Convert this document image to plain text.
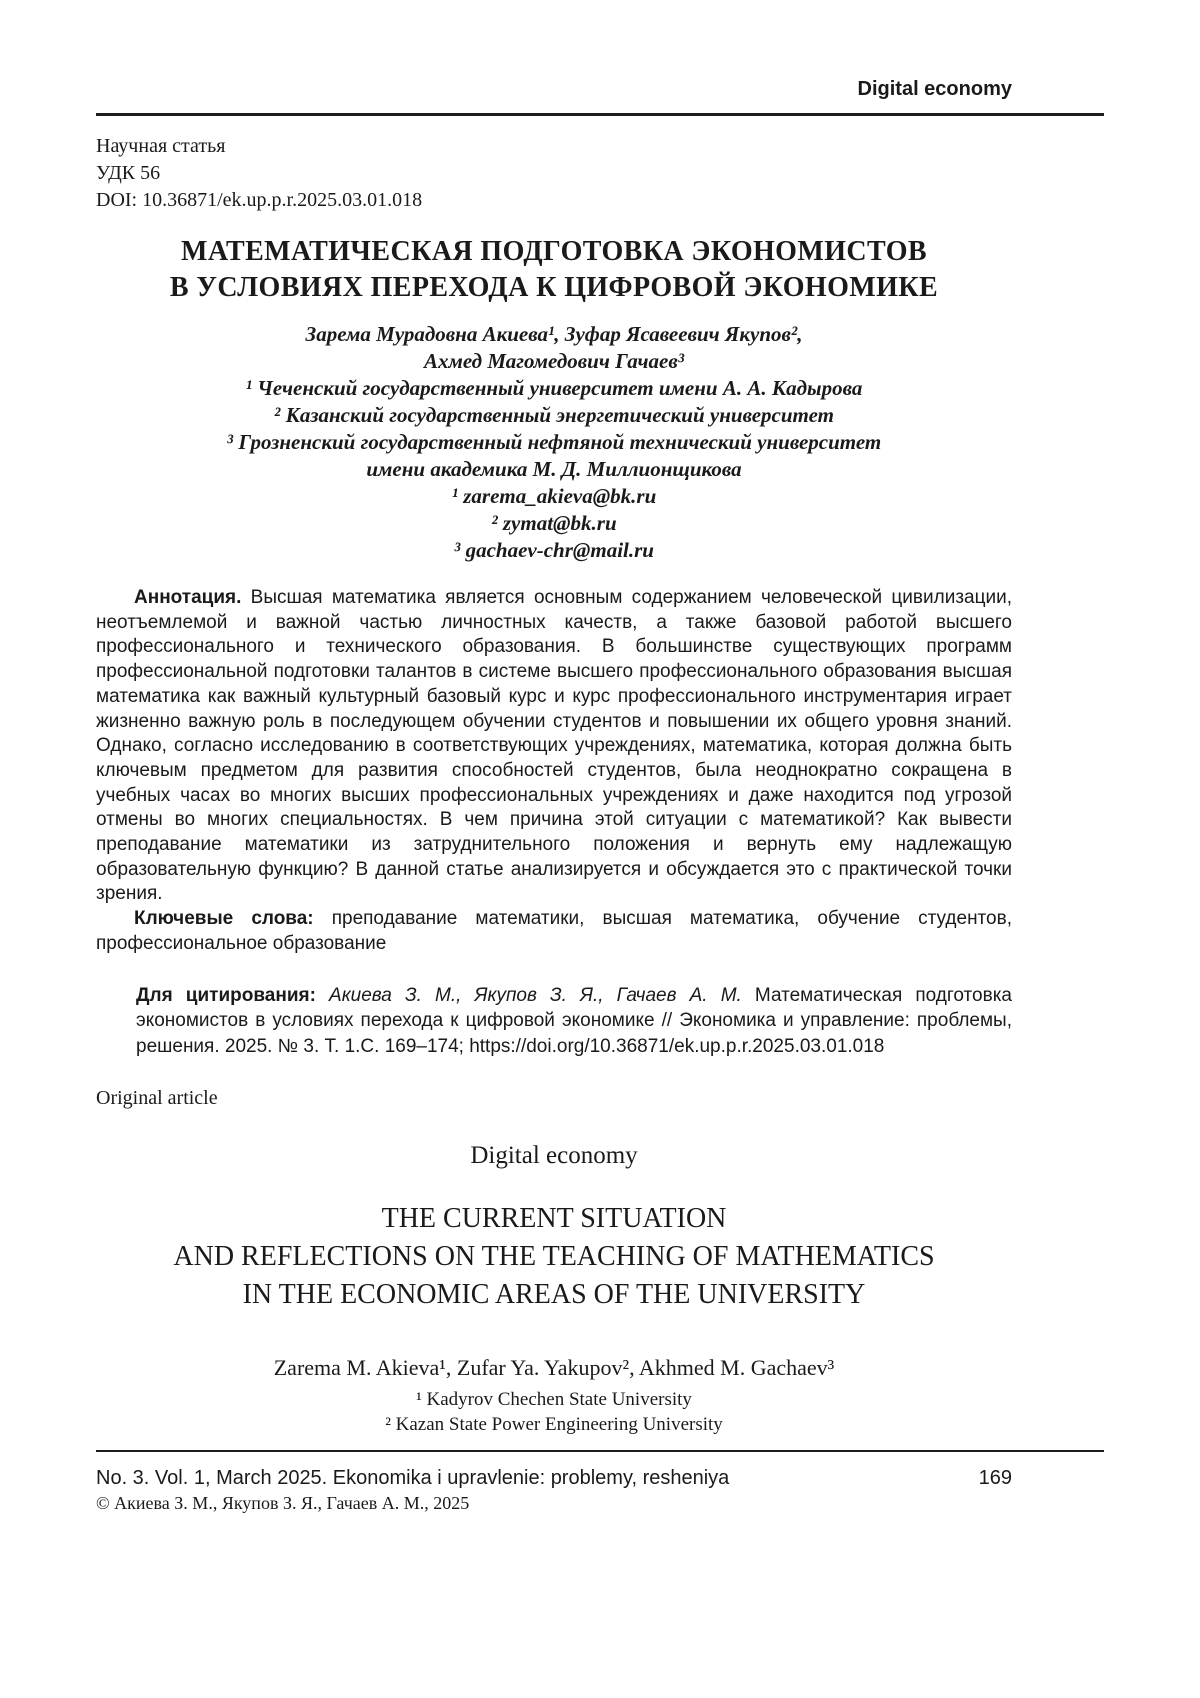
Digital economy
Научная статья
УДК 56
DOI: 10.36871/ek.up.p.r.2025.03.01.018
МАТЕМАТИЧЕСКАЯ ПОДГОТОВКА ЭКОНОМИСТОВ
В УСЛОВИЯХ ПЕРЕХОДА К ЦИФРОВОЙ ЭКОНОМИКЕ
Зарема Мурадовна Акиева¹, Зуфар Ясавеевич Якупов²,
Ахмед Магомедович Гачаев³
¹ Чеченский государственный университет имени А. А. Кадырова
² Казанский государственный энергетический университет
³ Грозненский государственный нефтяной технический университет
имени академика М. Д. Миллионщикова
¹ zarema_akieva@bk.ru
² zymat@bk.ru
³ gachaev-chr@mail.ru

Аннотация. Высшая математика является основным содержанием человеческой цивилизации, неотъемлемой и важной частью личностных качеств, а также базовой работой высшего профессионального и технического образования. В большинстве существующих программ профессиональной подготовки талантов в системе высшего профессионального образования высшая математика как важный культурный базовый курс и курс профессионального инструментария играет жизненно важную роль в последующем обучении студентов и повышении их общего уровня знаний. Однако, согласно исследованию в соответствующих учреждениях, математика, которая должна быть ключевым предметом для развития способностей студентов, была неоднократно сокращена в учебных часах во многих высших профессиональных учреждениях и даже находится под угрозой отмены во многих специальностях. В чем причина этой ситуации с математикой? Как вывести преподавание математики из затруднительного положения и вернуть ему надлежащую образовательную функцию? В данной статье анализируется и обсуждается это с практической точки зрения.

Ключевые слова: преподавание математики, высшая математика, обучение студентов, профессиональное образование

Для цитирования: Акиева З. М., Якупов З. Я., Гачаев А. М. Математическая подготовка экономистов в условиях перехода к цифровой экономике // Экономика и управление: проблемы, решения. 2025. № 3. Т. 1.С. 169–174; https://doi.org/10.36871/ek.up.p.r.2025.03.01.018

Original article
Digital economy
THE CURRENT SITUATION
AND REFLECTIONS ON THE TEACHING OF MATHEMATICS
IN THE ECONOMIC AREAS OF THE UNIVERSITY
Zarema M. Akieva¹, Zufar Ya. Yakupov², Akhmed M. Gachaev³
¹ Kadyrov Chechen State University
² Kazan State Power Engineering University
© Акиева З. М., Якупов З. Я., Гачаев А. М., 2025
No. 3. Vol. 1, March 2025. Ekonomika i upravlenie: problemy, resheniya	169
